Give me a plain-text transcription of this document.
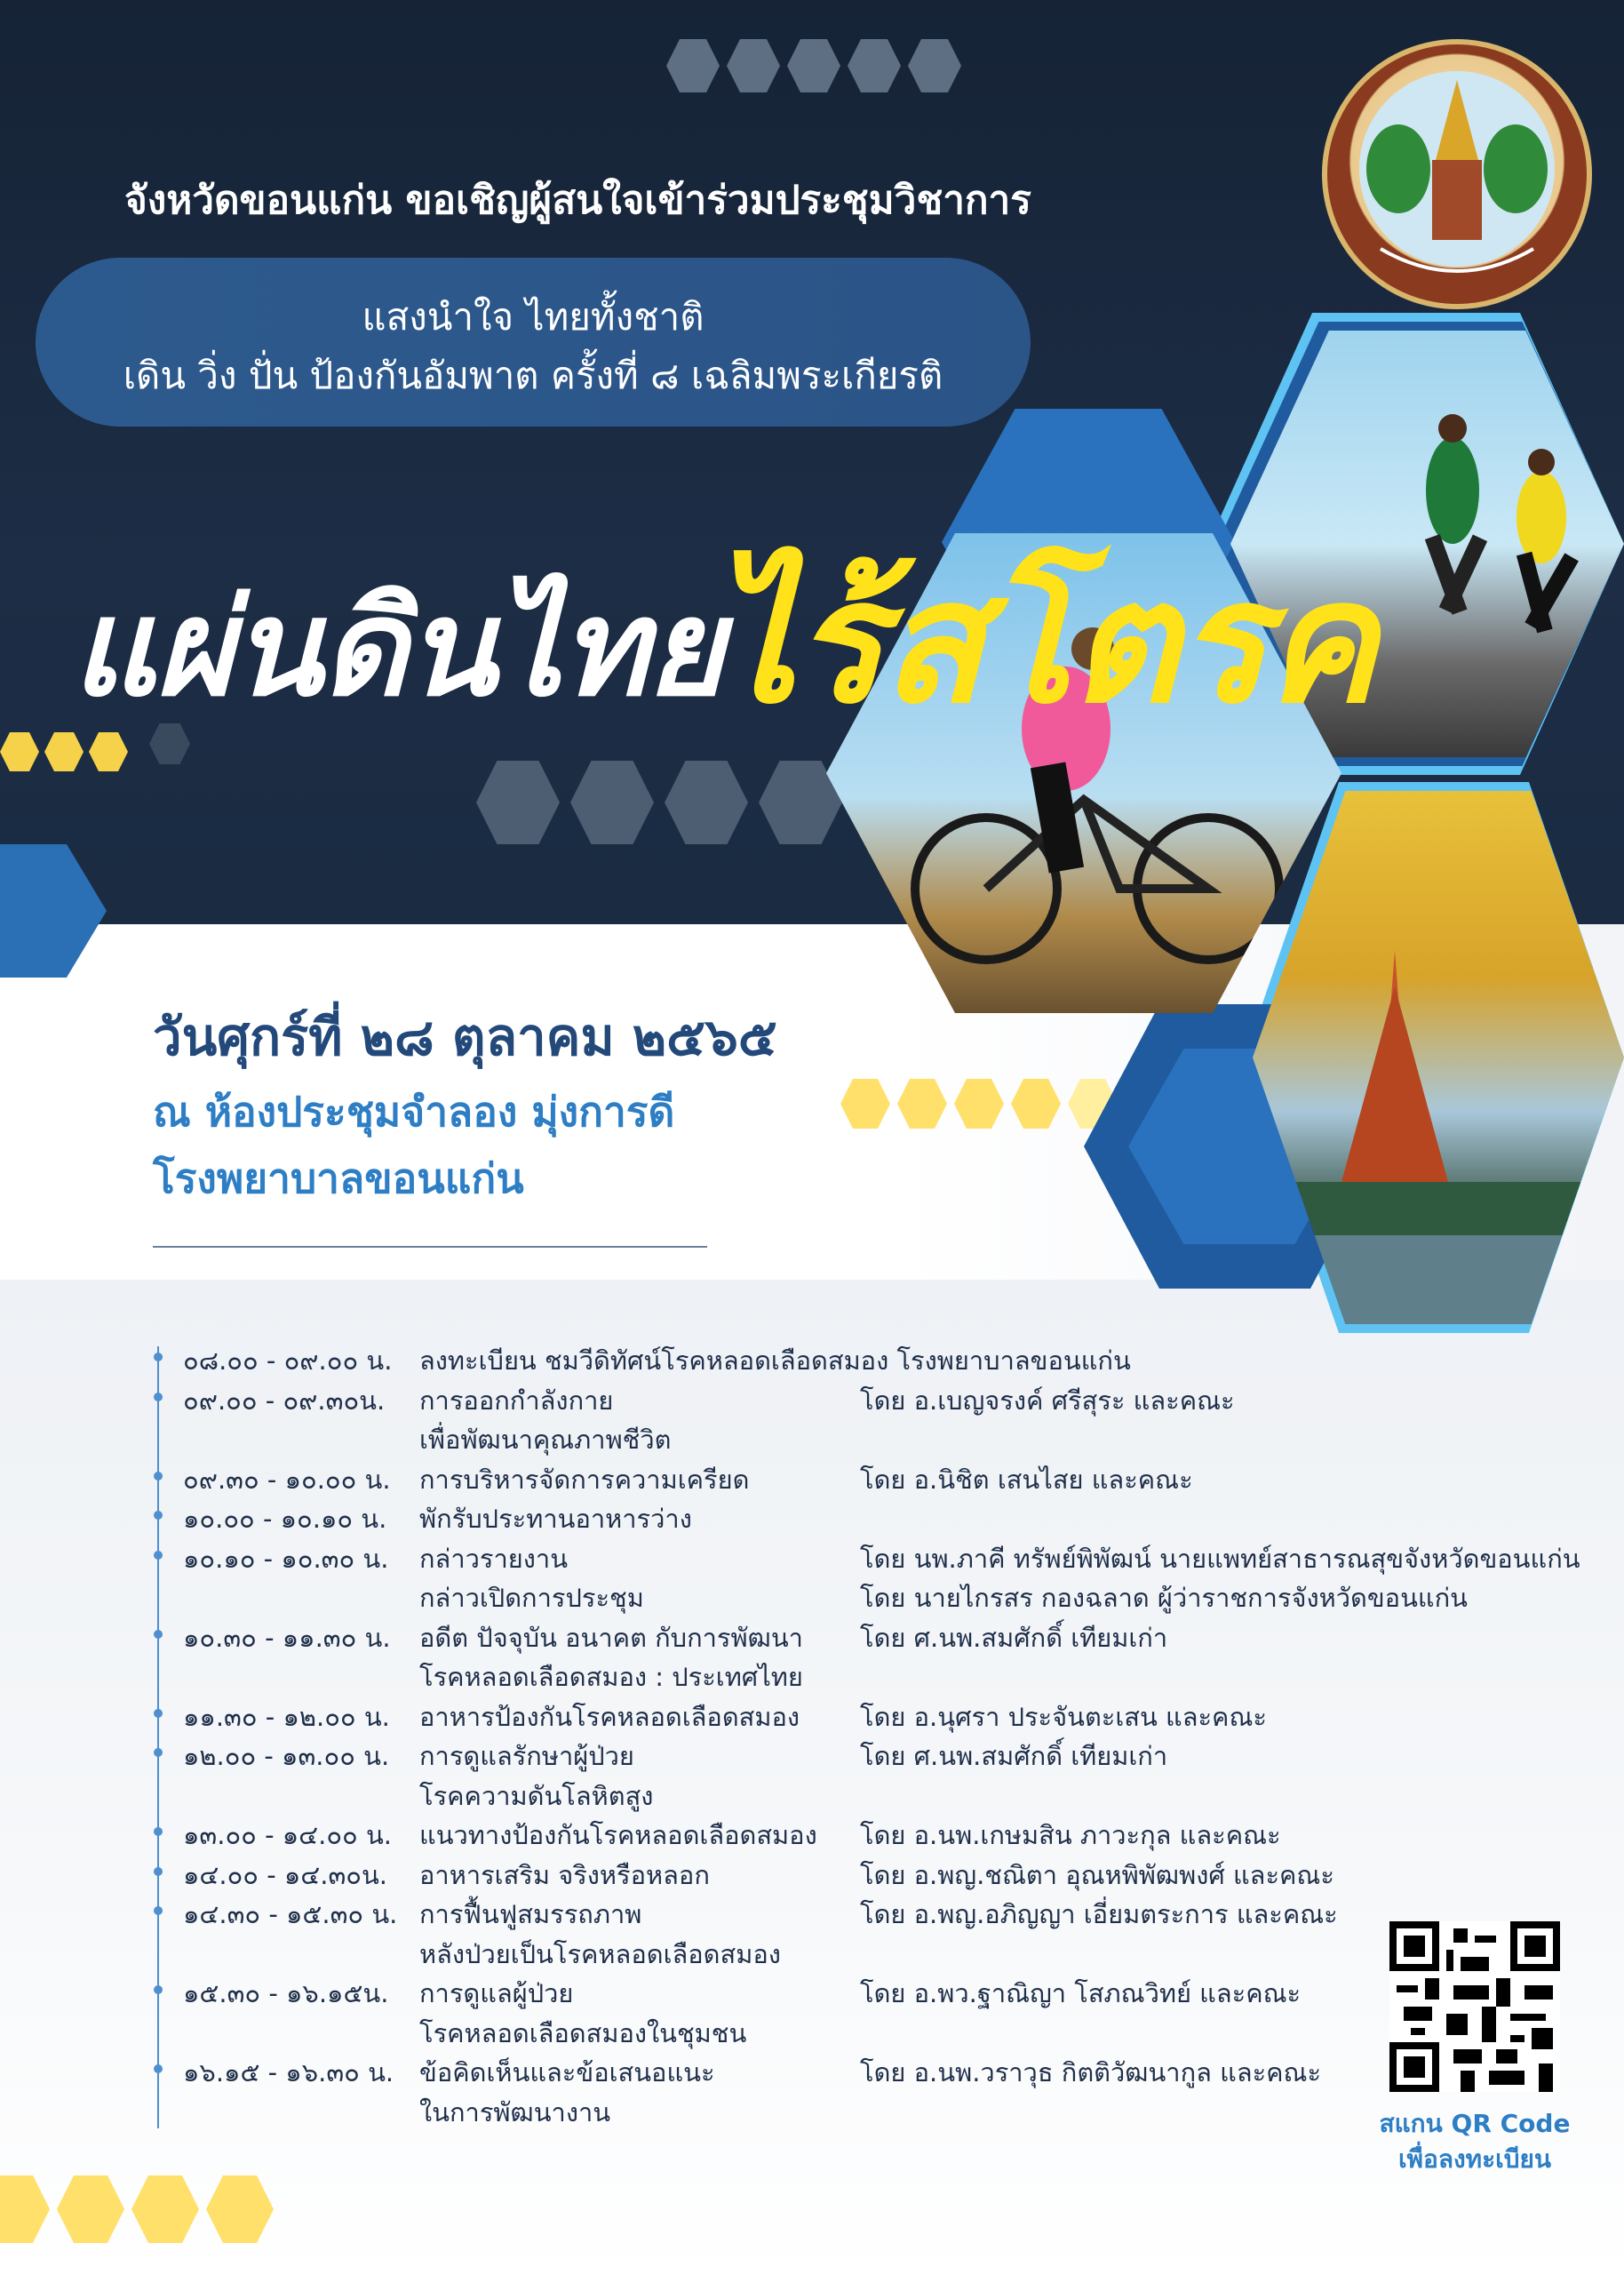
จังหวัดขอนแก่น ขอเชิญผู้สนใจเข้าร่วมประชุมวิชาการ
แสงนำใจ ไทยทั้งชาติ
เดิน วิ่ง ปั่น ป้องกันอัมพาต ครั้งที่ ๘ เฉลิมพระเกียรติ
แผ่นดินไทย
ไร้สโตรค
วันศุกร์ที่ ๒๘ ตุลาคม ๒๕๖๕
ณ ห้องประชุมจำลอง มุ่งการดี
โรงพยาบาลขอนแก่น
๐๘.๐๐ - ๐๙.๐๐ น. ลงทะเบียน ชมวีดิทัศน์โรคหลอดเลือดสมอง โรงพยาบาลขอนแก่น
๐๙.๐๐ - ๐๙.๓๐น. การออกกำลังกาย
เพื่อพัฒนาคุณภาพชีวิต
โดย อ.เบญจรงค์ ศรีสุระ และคณะ
๐๙.๓๐ - ๑๐.๐๐ น. การบริหารจัดการความเครียด	โดย อ.นิชิต เสนไสย และคณะ
๑๐.๐๐ - ๑๐.๑๐ น. พักรับประทานอาหารว่าง
๑๐.๑๐ - ๑๐.๓๐ น. กล่าวรายงาน
กล่าวเปิดการประชุม
โดย นพ.ภาคี ทรัพย์พิพัฒน์ นายแพทย์สาธารณสุขจังหวัดขอนแก่น
โดย นายไกรสร กองฉลาด ผู้ว่าราชการจังหวัดขอนแก่น
๑๐.๓๐ - ๑๑.๓๐ น. อดีต ปัจจุบัน อนาคต กับการพัฒนา
โรคหลอดเลือดสมอง : ประเทศไทย
โดย ศ.นพ.สมศักดิ์ เทียมเก่า
๑๑.๓๐ - ๑๒.๐๐ น. อาหารป้องกันโรคหลอดเลือดสมอง โดย อ.นุศรา ประจันตะเสน และคณะ
๑๒.๐๐ - ๑๓.๐๐ น. การดูแลรักษาผู้ป่วย
โรคความดันโลหิตสูง
โดย ศ.นพ.สมศักดิ์ เทียมเก่า
๑๓.๐๐ - ๑๔.๐๐ น. แนวทางป้องกันโรคหลอดเลือดสมอง โดย อ.นพ.เกษมสิน ภาวะกุล และคณะ
๑๔.๐๐ - ๑๔.๓๐น. อาหารเสริม จริงหรือหลอก	โดย อ.พญ.ชณิตา อุณหพิพัฒพงศ์ และคณะ
๑๔.๓๐ - ๑๕.๓๐ น. การฟื้นฟูสมรรถภาพ
หลังป่วยเป็นโรคหลอดเลือดสมอง
โดย อ.พญ.อภิญญา เอี่ยมตระการ และคณะ
๑๕.๓๐ - ๑๖.๑๕น. การดูแลผู้ป่วย
โรคหลอดเลือดสมองในชุมชน
โดย อ.พว.ฐาณิญา โสภณวิทย์ และคณะ
๑๖.๑๕ - ๑๖.๓๐ น. ข้อคิดเห็นและข้อเสนอแนะ
ในการพัฒนางาน
โดย อ.นพ.วราวุธ กิตติวัฒนากูล และคณะ
สแกน QR Code
เพื่อลงทะเบียน
